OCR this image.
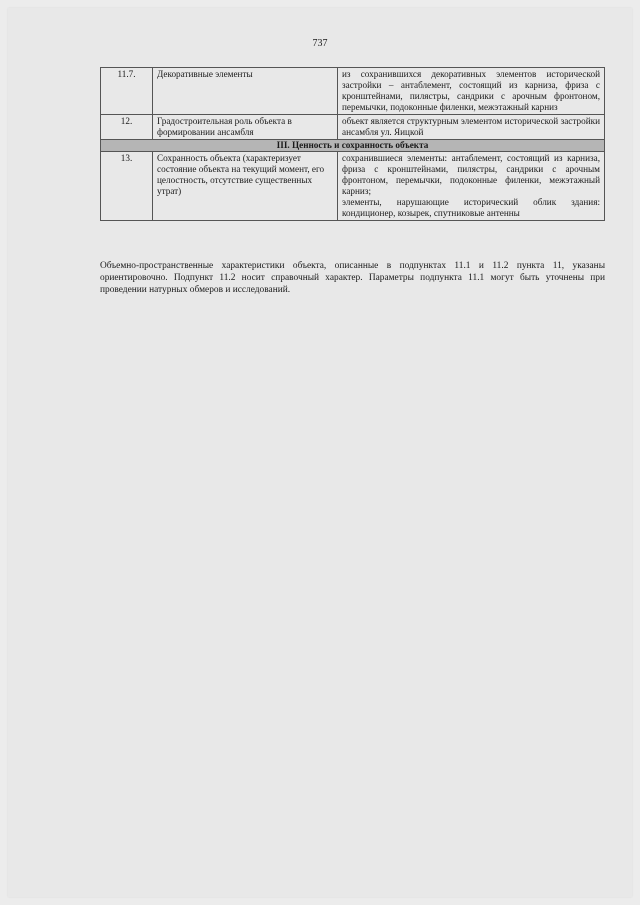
737
11.7.	Декоративные элементы	из сохранившихся декоративных элементов исторической застройки – антаблемент, состоящий из карниза, фриза с кронштейнами, пилястры, сандрики с арочным фронтоном, перемычки, подоконные филенки, межэтажный карниз
12.	Градостроительная роль объекта в формировании ансамбля	объект является структурным элементом исторической застройки ансамбля ул. Яицкой
III. Ценность и сохранность объекта		
13.	Сохранность объекта (характеризует состояние объекта на текущий момент, его целостность, отсутствие существенных утрат)	сохранившиеся элементы: антаблемент, состоящий из карниза, фриза с кронштейнами, пилястры, сандрики с арочным фронтоном, перемычки, подоконные филенки, межэтажный карниз;
элементы, нарушающие исторический облик здания: кондиционер, козырек, спутниковые антенны

Объемно-пространственные характеристики объекта, описанные в подпунктах 11.1 и 11.2 пункта 11, указаны ориентировочно. Подпункт 11.2 носит справочный характер. Параметры подпункта 11.1 могут быть уточнены при проведении натурных обмеров и исследований.
